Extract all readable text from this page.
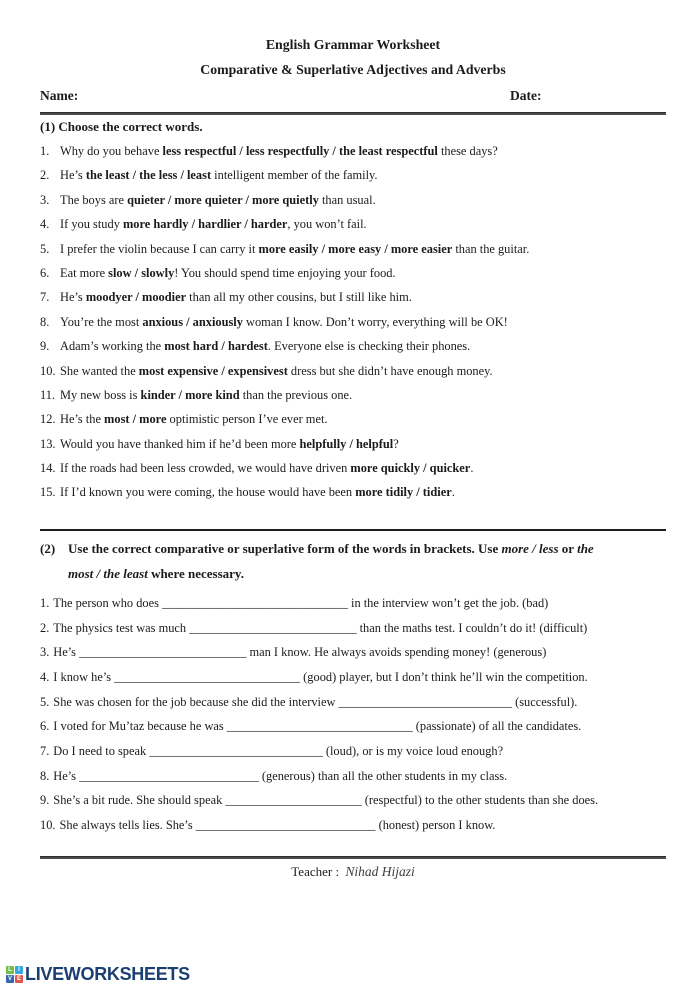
English Grammar Worksheet
Comparative & Superlative Adjectives and Adverbs
Name:	Date:
(1) Choose the correct words.
1. Why do you behave less respectful / less respectfully / the least respectful these days?
2. He’s the least / the less / least intelligent member of the family.
3. The boys are quieter / more quieter / more quietly than usual.
4. If you study more hardly / hardlier / harder, you won’t fail.
5. I prefer the violin because I can carry it more easily / more easy / more easier than the guitar.
6. Eat more slow / slowly! You should spend time enjoying your food.
7. He’s moodyer / moodier than all my other cousins, but I still like him.
8. You’re the most anxious / anxiously woman I know. Don’t worry, everything will be OK!
9. Adam’s working the most hard / hardest. Everyone else is checking their phones.
10. She wanted the most expensive / expensivest dress but she didn’t have enough money.
11. My new boss is kinder / more kind than the previous one.
12. He’s the most / more optimistic person I’ve ever met.
13. Would you have thanked him if he’d been more helpfully / helpful?
14. If the roads had been less crowded, we would have driven more quickly / quicker.
15. If I’d known you were coming, the house would have been more tidily / tidier.
(2) Use the correct comparative or superlative form of the words in brackets. Use more / less or the
most / the least where necessary.
1. The person who does ______________________________ in the interview won’t get the job. (bad)
2. The physics test was much ___________________________ than the maths test. I couldn’t do it! (difficult)
3. He’s ___________________________ man I know. He always avoids spending money! (generous)
4. I know he’s ______________________________ (good) player, but I don’t think he’ll win the competition.
5. She was chosen for the job because she did the interview ____________________________ (successful).
6. I voted for Mu’taz because he was ______________________________ (passionate) of all the candidates.
7. Do I need to speak ____________________________ (loud), or is my voice loud enough?
8. He’s _____________________________ (generous) than all the other students in my class.
9. She’s a bit rude. She should speak ______________________ (respectful) to the other students than she does.
10. She always tells lies. She’s _____________________________ (honest) person I know.
Teacher : Nihad Hijazi
L	I
V E LIVEWORKSHEETS
